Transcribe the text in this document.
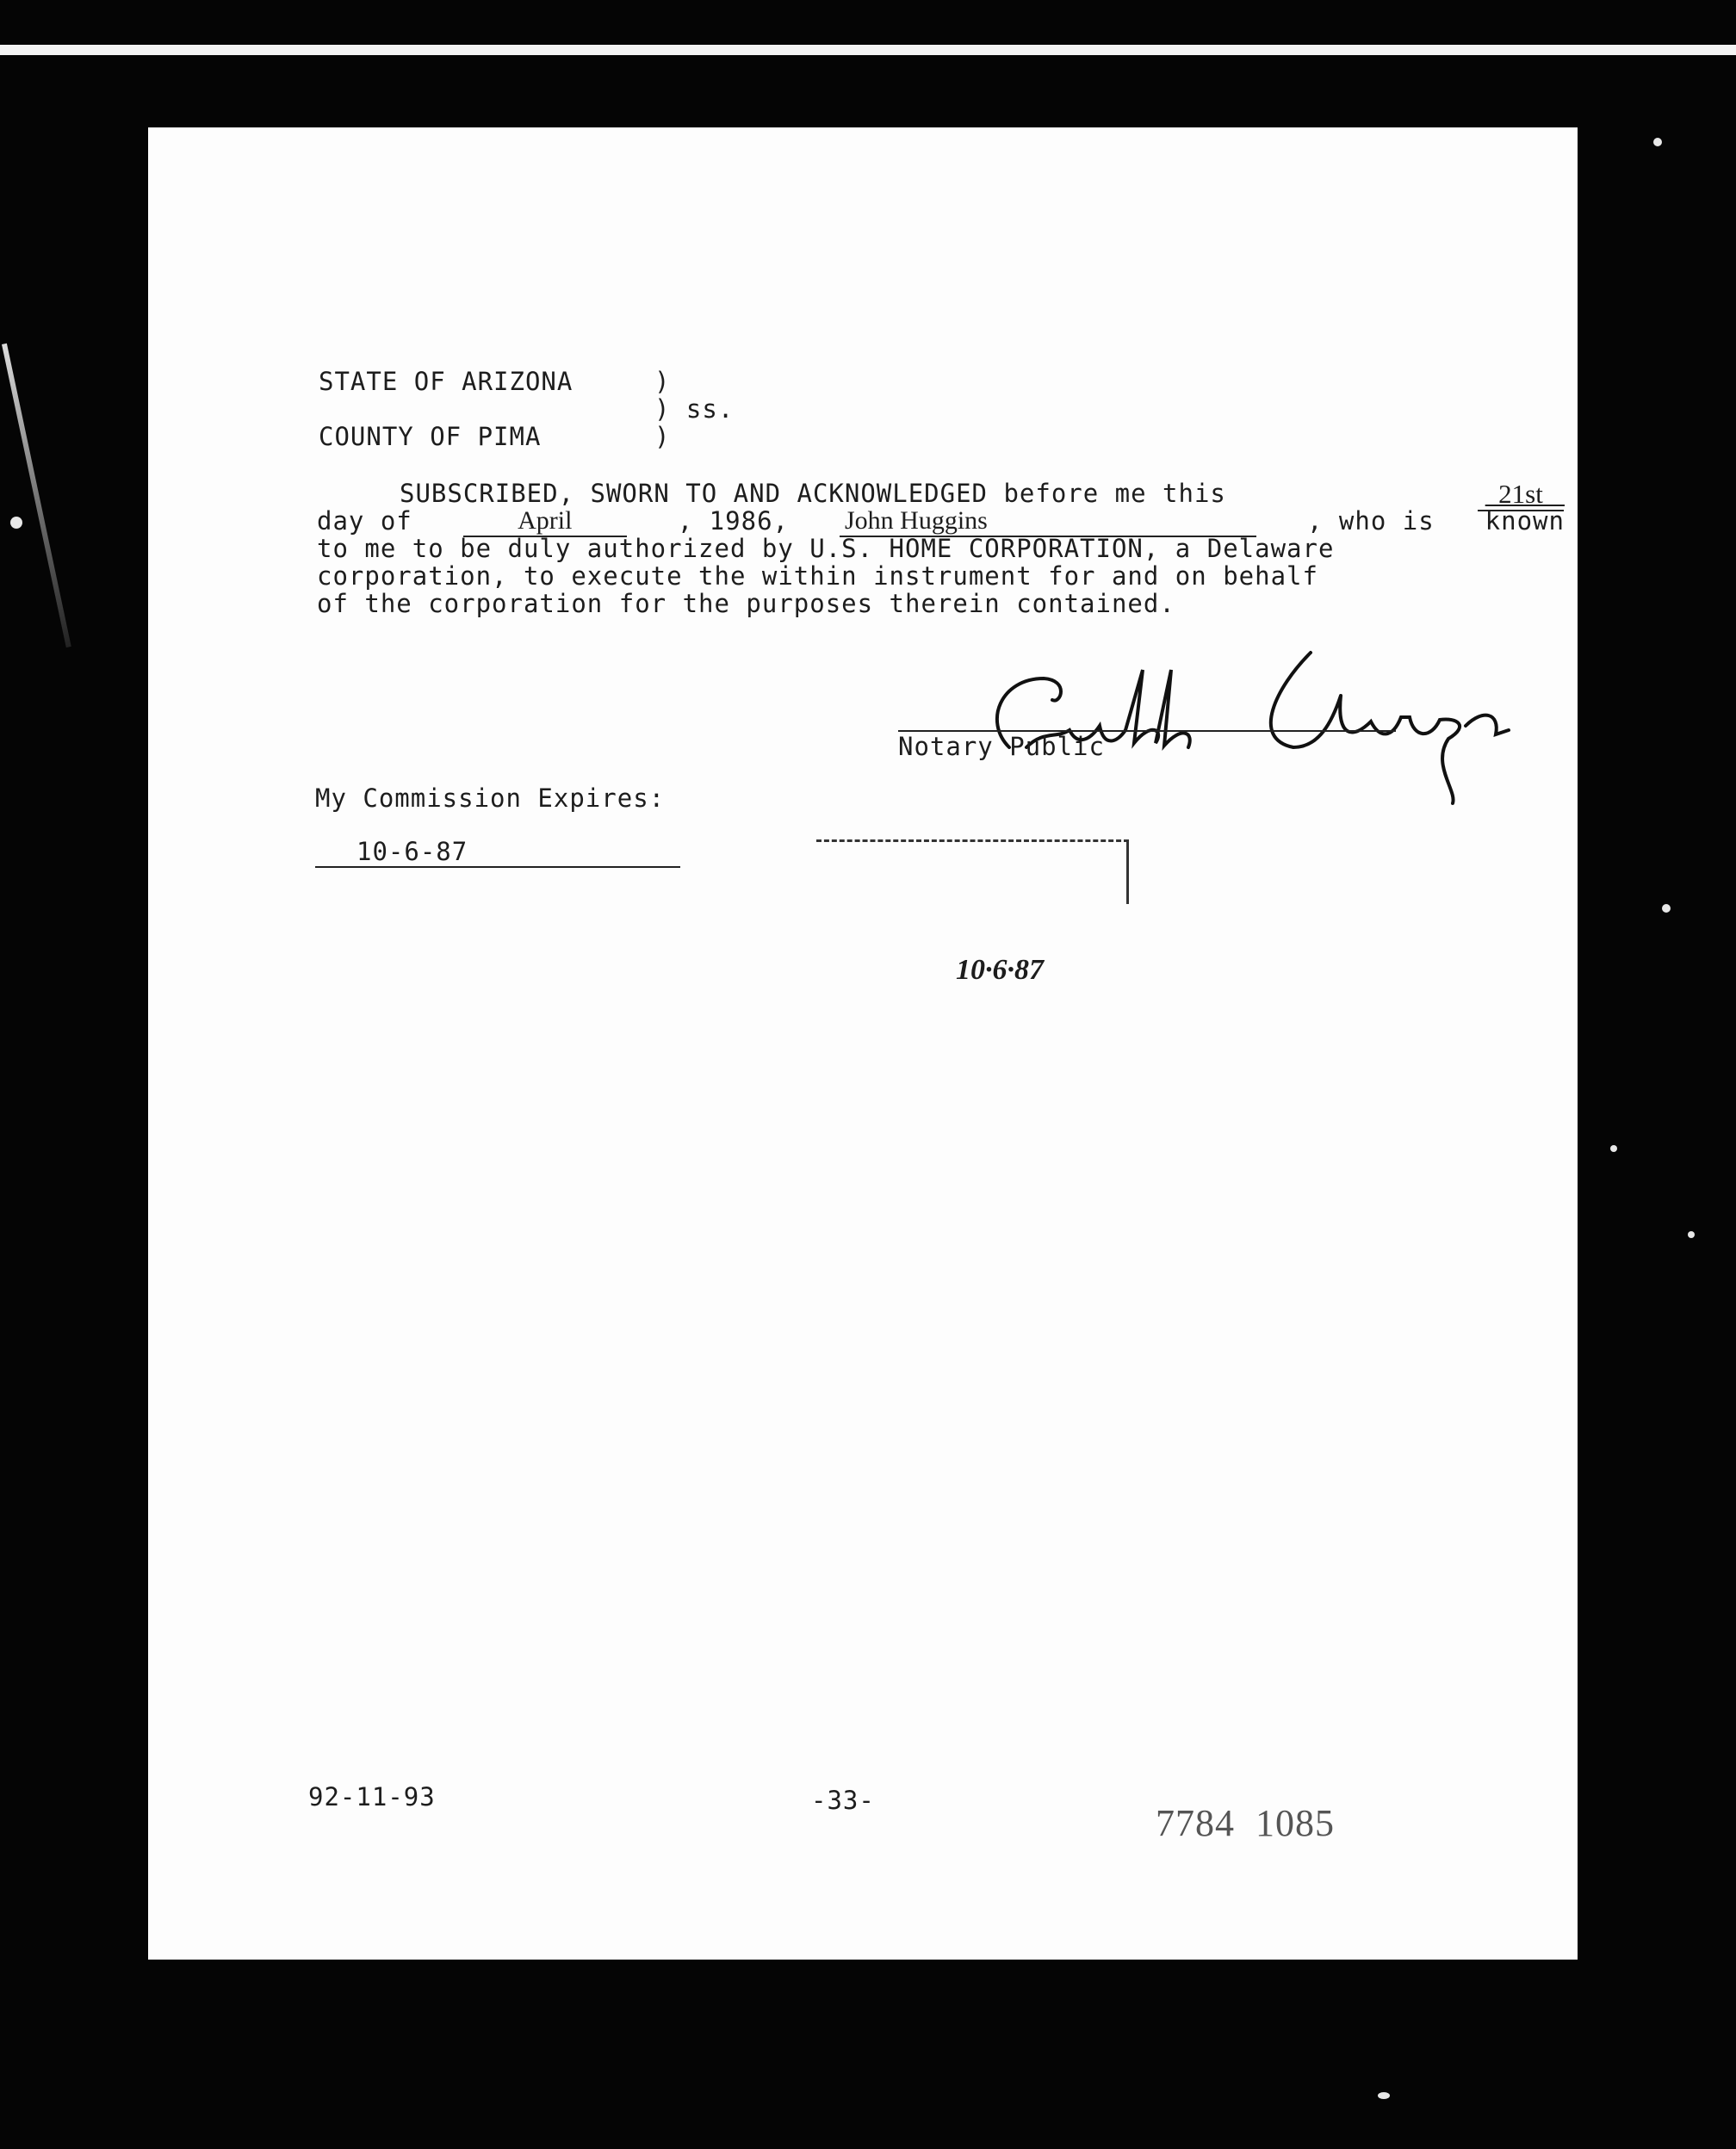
STATE OF ARIZONA	)
) ss.
COUNTY OF PIMA	)
SUBSCRIBED, SWORN TO AND ACKNOWLEDGED before me this	21st
day of	April	, 1986, John Huggins	, who is known
to me to be duly authorized by U.S. HOME CORPORATION, a Delaware
corporation, to execute the within instrument for and on behalf
of the corporation for the purposes therein contained.
Notary Public
My Commission Expires:
10-6-87
10·6·87
92-11-93	-33-
7784  1085
